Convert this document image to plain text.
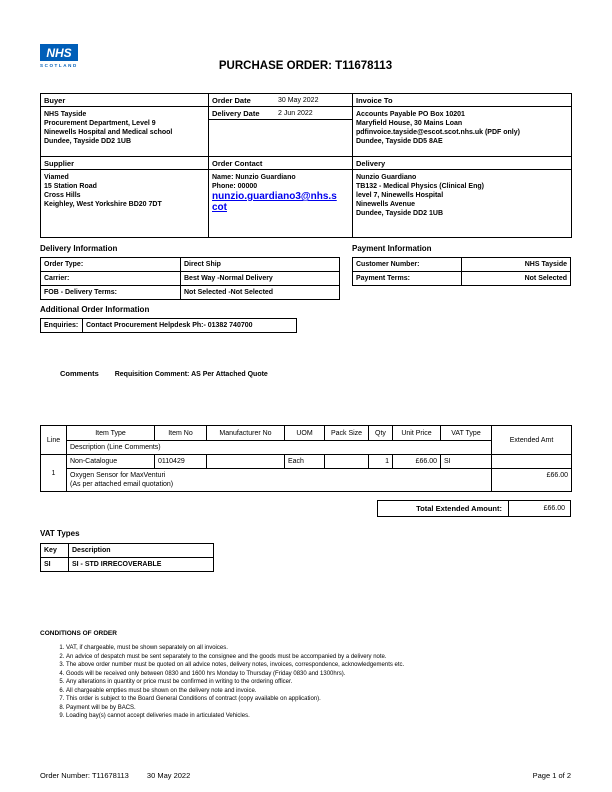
NHS
SCOTLAND	PURCHASE ORDER: T11678113
Buyer
NHS Tayside
Procurement Department, Level 9
Ninewells Hospital and Medical school
Dundee, Tayside DD2 1UB

Order Date	30 May 2022
Delivery Date	2 Jun 2022

Invoice To
Accounts Payable PO Box 10201
Maryfield House, 30 Mains Loan
pdfinvoice.tayside@escot.scot.nhs.uk (PDF only)
Dundee, Tayside DD5 8AE

Supplier
Viamed
15 Station Road
Cross Hills
Keighley, West Yorkshire BD20 7DT

Order Contact
Name: Nunzio Guardiano
Phone: 00000
nunzio.guardiano3@nhs.scot

Delivery
Nunzio Guardiano
TB132 - Medical Physics (Clinical Eng)
level 7, Ninewells Hospital
Ninewells Avenue
Dundee, Tayside DD2 1UB
Delivery Information
Order Type:	Direct Ship
Carrier:	Best Way -Normal Delivery
FOB - Delivery Terms:	Not Selected -Not Selected
Payment Information
Customer Number:	NHS Tayside
Payment Terms:	Not Selected
Additional Order Information
Enquiries:	Contact Procurement Helpdesk Ph:- 01382 740700
Comments Requisition Comment: AS Per Attached Quote
Line	Item Type	Item No	Manufacturer No	UOM	Pack Size	Qty	Unit Price	VAT Type	Extended Amt
	Description (Line Comments)								
1	Non-Catalogue	0110429		Each		1	£66.00	SI	

	Oxygen Sensor for MaxVenturi
(As per attached email quotation)								£66.00
Total Extended Amount:	£66.00
VAT Types
Key	Description
SI	SI - STD IRRECOVERABLE
CONDITIONS OF ORDER
1. VAT, if chargeable, must be shown separately on all invoices.
2. An advice of despatch must be sent separately to the consignee and the goods must be accompanied by a delivery note.
3. The above order number must be quoted on all advice notes, delivery notes, invoices, correspondence, acknowledgements etc.
4. Goods will be received only between 0830 and 1600 hrs Monday to Thursday (Friday 0830 and 1300hrs).
5. Any alterations in quantity or price must be confirmed in writing to the ordering officer.
6. All chargeable empties must be shown on the delivery note and invoice.
7. This order is subject to the Board General Conditions of contract (copy available on application).
8. Payment will be by BACS.
9. Loading bay(s) cannot accept deliveries made in articulated Vehicles.
Order Number: T11678113 30 May 2022	Page 1 of 2
